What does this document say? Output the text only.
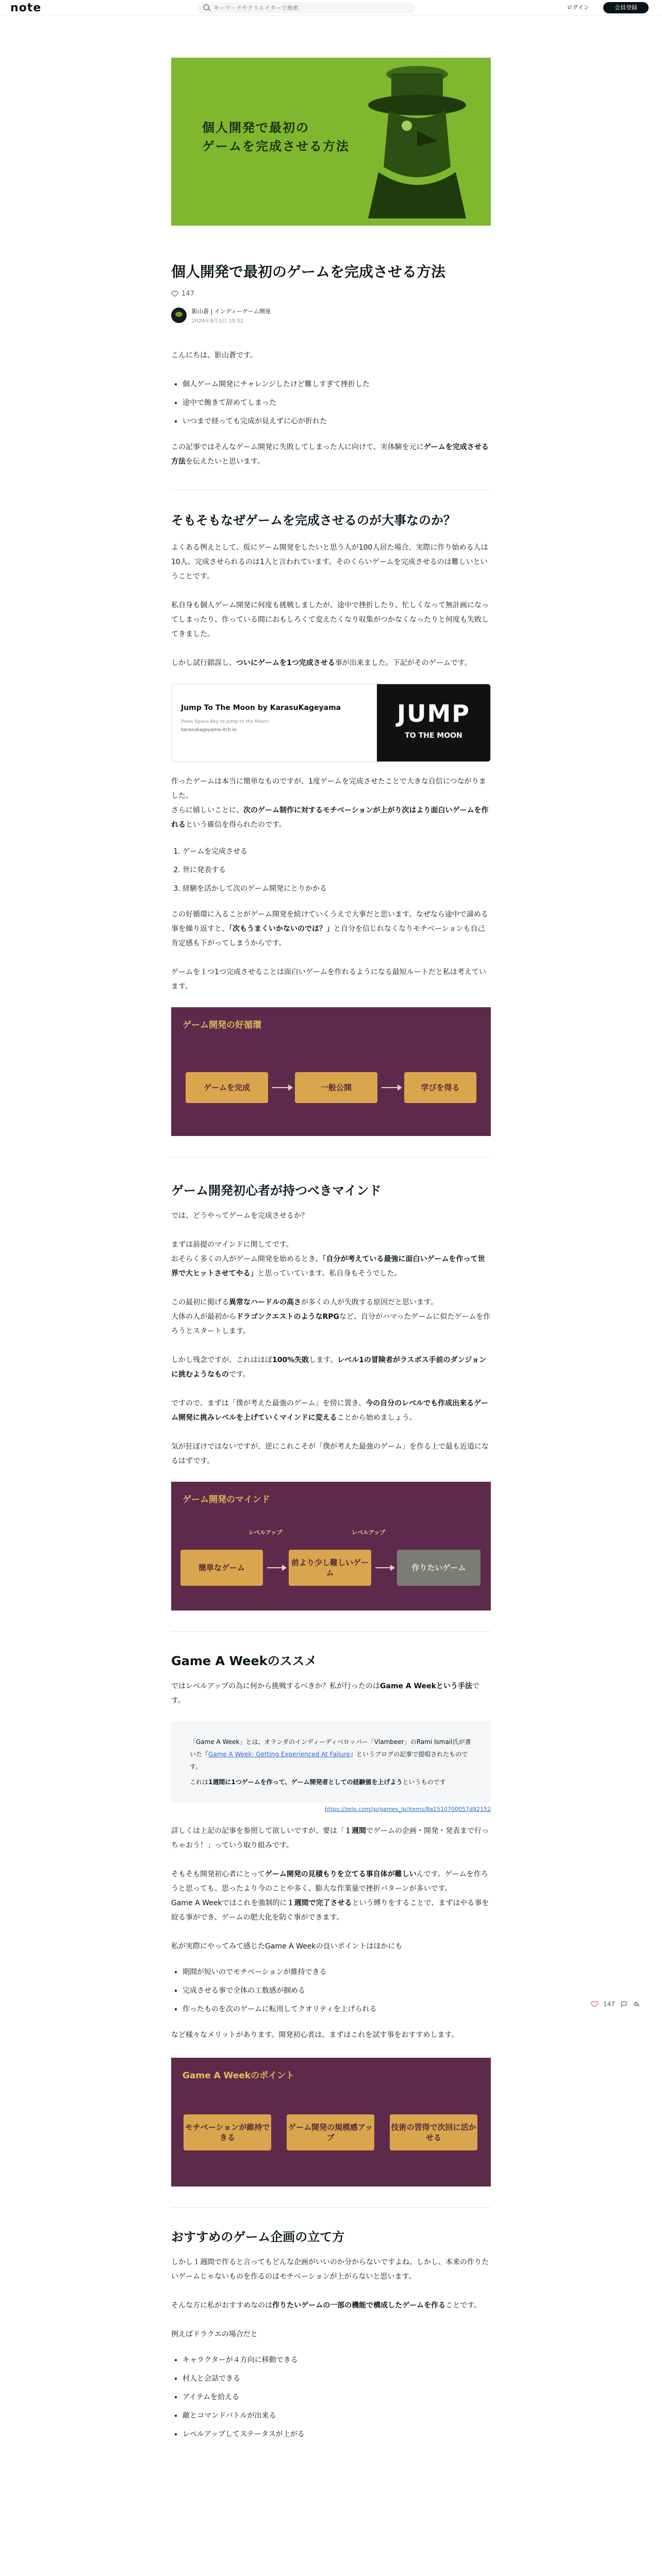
note
キーワードやクリエイターで検索	ログイン	会員登録
個人開発で最初の
ゲームを完成させる方法
個人開発で最初のゲームを完成させる方法
147
影山蒼 | インディーゲーム開発
2024年8月3日 15:52

こんにちは、影山蒼です。

• 個人ゲーム開発にチャレンジしたけど難しすぎて挫折した
• 途中で飽きて辞めてしまった
• いつまで経っても完成が見えずに心が折れた

この記事ではそんなゲーム開発に失敗してしまった人に向けて、実体験を元にゲームを完成させる方法を伝えたいと思います。

そもそもなぜゲームを完成させるのが大事なのか？

よくある例えとして、仮にゲーム開発をしたいと思う人が100人居た場合、実際に作り始める人は10人、完成させられるのは1人と言われています。そのくらいゲームを完成させるのは難しいということです。

私自身も個人ゲーム開発に何度も挑戦しましたが、途中で挫折したり、忙しくなって無計画になってしまったり、作っている間におもしろくて変えたくなり収集がつかなくなったりと何度も失敗してきました。

しかし試行錯誤し、ついにゲームを1つ完成させる事が出来ました。下記がそのゲームです。

Jump To The Moon by KarasuKageyama
Press Space Key to Jump to the Moon!
karasukageyama.itch.io
JUMP
TO THE MOON

作ったゲームは本当に簡単なものですが、1度ゲームを完成させたことで大きな自信につながりました。

さらに嬉しいことに、次のゲーム制作に対するモチベーションが上がり次はより面白いゲームを作れるという確信を得られたのです。

1. ゲームを完成させる
2. 世に発表する
3. 経験を活かして次のゲーム開発にとりかかる

この好循環に入ることがゲーム開発を続けていくうえで大事だと思います。なぜなら途中で諦める事を繰り返すと、「次もうまくいかないのでは？」と自分を信じれなくなりモチベーションも自己肯定感も下がってしまうからです。

ゲームを１つ1つ完成させることは面白いゲームを作れるようになる最短ルートだと私は考えています。

ゲーム開発の好循環
ゲームを完成	一般公開	学びを得る
ゲーム開発初心者が持つべきマインド

では、どうやってゲームを完成させるか？

まずは前提のマインドに関してです。

おそらく多くの人がゲーム開発を始めるとき、「自分が考えている最強に面白いゲームを作って世界で大ヒットさせてやる」と思っていています。私自身もそうでした。

この最初に掲げる異常なハードルの高さが多くの人が失敗する原因だと思います。

大体の人が最初からドラゴンクエストのようなRPGなど、自分がハマったゲームに似たゲームを作ろうとスタートします。

しかし残念ですが、これはほぼ100%失敗します。レベル1の冒険者がラスボス手前のダンジョンに挑むようなものです。

ですので、まずは「僕が考えた最強のゲーム」を傍に置き、今の自分のレベルでも作成出来るゲーム開発に挑みレベルを上げていくマインドに変えることから始めましょう。

気が狂ぼけではないですが、逆にこれこそが「僕が考えた最強のゲーム」を作る上で最も近道になるはずです。

ゲーム開発のマインド
レベルアップ	レベルアップ
簡単なゲーム
前より少し難しいゲーム
作りたいゲーム
Game A Weekのススメ

ではレベルアップの為に何から挑戦するべきか？私が行ったのはGame A Weekという手法です。

「Game A Week」とは、オランダのインディーディベロッパー「Vlambeer」のRami Ismail氏が書いた『Game A Week: Getting Experienced At Failure』というブログの記事で提唱されたものです。

これは1週間に1つゲームを作って、ゲーム開発者としての経験値を上げようというものです

https://zelo.com/jp/games_lp/items/8a1510700057d92152

詳しくは上記の記事を参照して欲しいですが、要は「１週間でゲームの企画・開発・発表まで行っちゃおう！」っていう取り組みです。

そもそも開発初心者にとってゲーム開発の見積もりを立てる事自体が難しいんです。ゲームを作ろうと思っても、思ったより今のことや多く、膨大な作業量で挫折パターンが多いです。

Game A Weekではこれを強制的に１週間で完了させるという縛りをすることで、まずはやる事を絞る事ができ、ゲームの肥大化を防ぐ事ができます。

私が実際にやってみて感じたGame A Weekの良いポイントはほかにも

• 期間が短いのでモチベーションが維持できる
• 完成させる事で全体の工数感が掴める
• 作ったものを次のゲームに転用してクオリティを上げられる

など様々なメリットがあります。開発初心者は、まずはこれを試す事をおすすめします。

Game A Weekのポイント
モチベーションが維持できる
ゲーム開発の規模感アップ
技術の習得で次回に活かせる
おすすめのゲーム企画の立て方

しかし１週間で作ると言ってもどんな企画がいいのか分からないですよね。しかし、本来の作りたいゲームじゃないものを作るのはモチベーションが上がらないと思います。

そんな方に私がおすすめなのは作りたいゲームの一部の機能で構成したゲームを作ることです。

例えばドラクエの場合だと

• キャラクターが４方向に移動できる
• 村人と会話できる
• アイテムを拾える
• 敵とコマンドバトルが出来る
• レベルアップしてステータスが上がる
147
